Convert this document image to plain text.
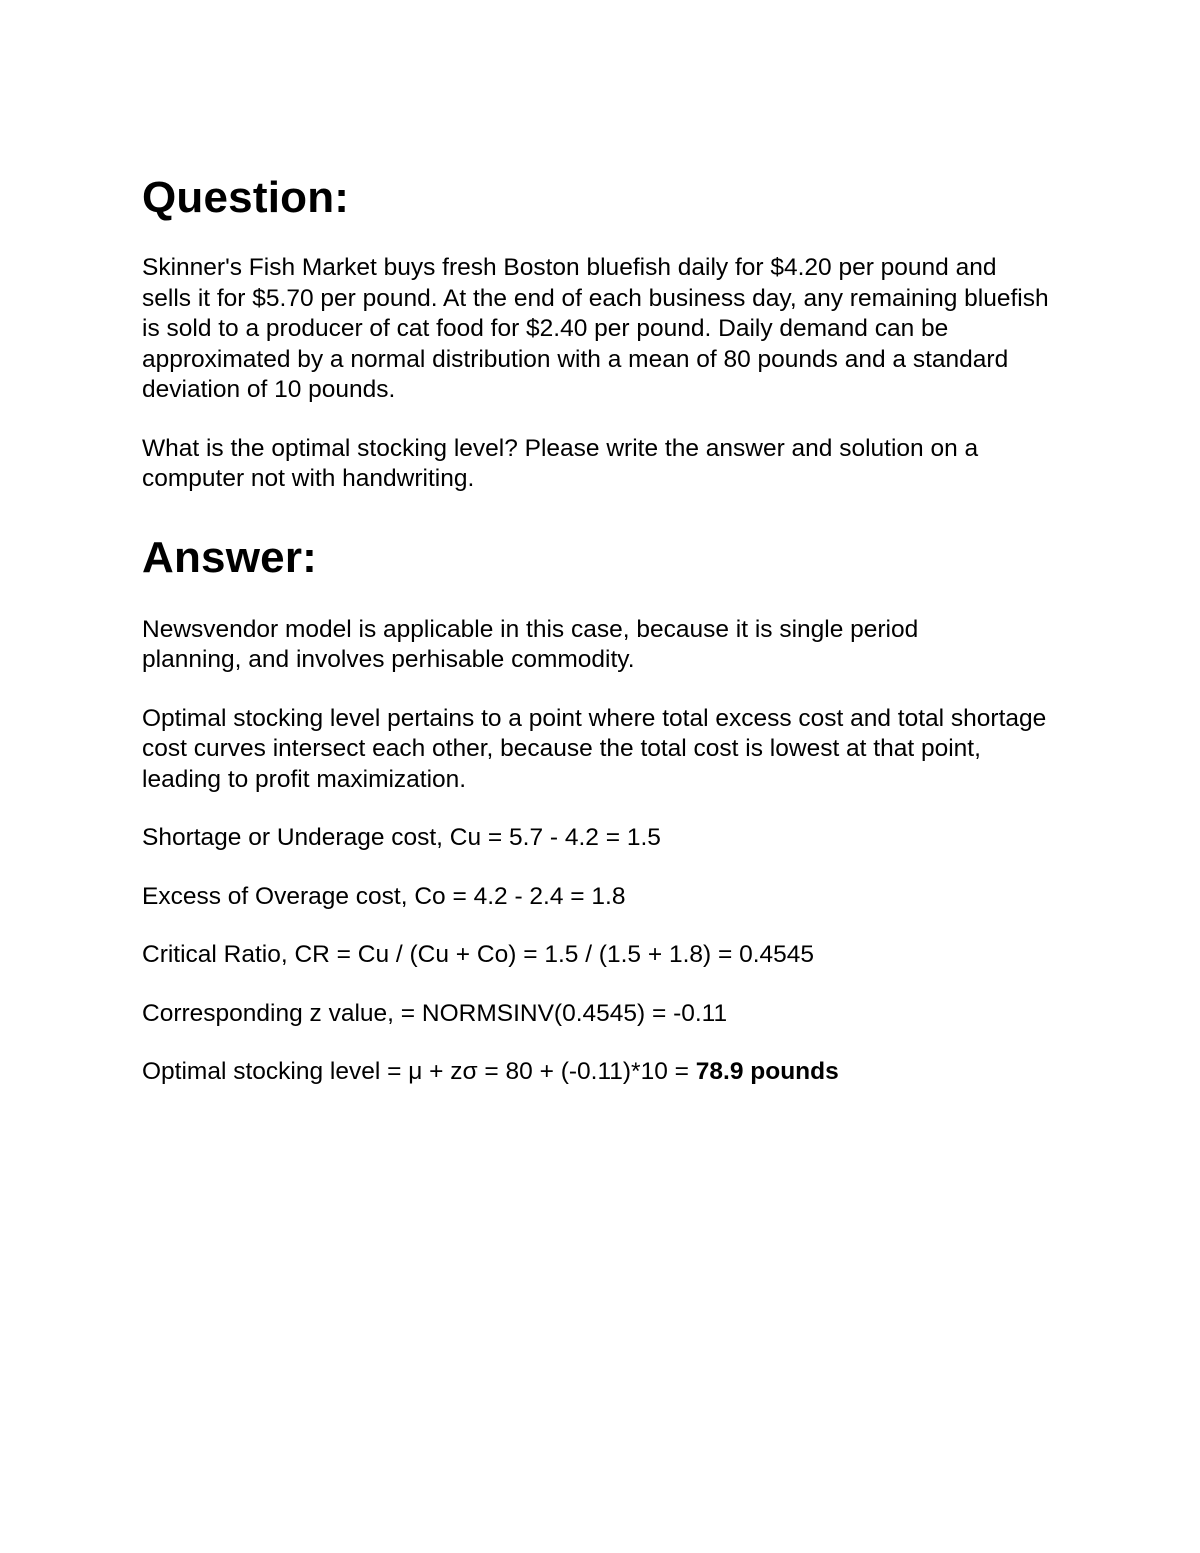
Question:

Skinner's Fish Market buys fresh Boston bluefish daily for $4.20 per pound and sells it for $5.70 per pound. At the end of each business day, any remaining bluefish is sold to a producer of cat food for $2.40 per pound. Daily demand can be approximated by a normal distribution with a mean of 80 pounds and a standard deviation of 10 pounds.

What is the optimal stocking level? Please write the answer and solution on a computer not with handwriting.

Answer:

Newsvendor model is applicable in this case, because it is single period planning, and involves perhisable commodity.

Optimal stocking level pertains to a point where total excess cost and total shortage cost curves intersect each other, because the total cost is lowest at that point, leading to profit maximization.

Shortage or Underage cost, Cu = 5.7 - 4.2 = 1.5

Excess of Overage cost, Co = 4.2 - 2.4 = 1.8

Critical Ratio, CR = Cu / (Cu + Co) = 1.5 / (1.5 + 1.8) = 0.4545

Corresponding z value, = NORMSINV(0.4545) = -0.11

Optimal stocking level = μ + zσ = 80 + (-0.11)*10 = 78.9 pounds
